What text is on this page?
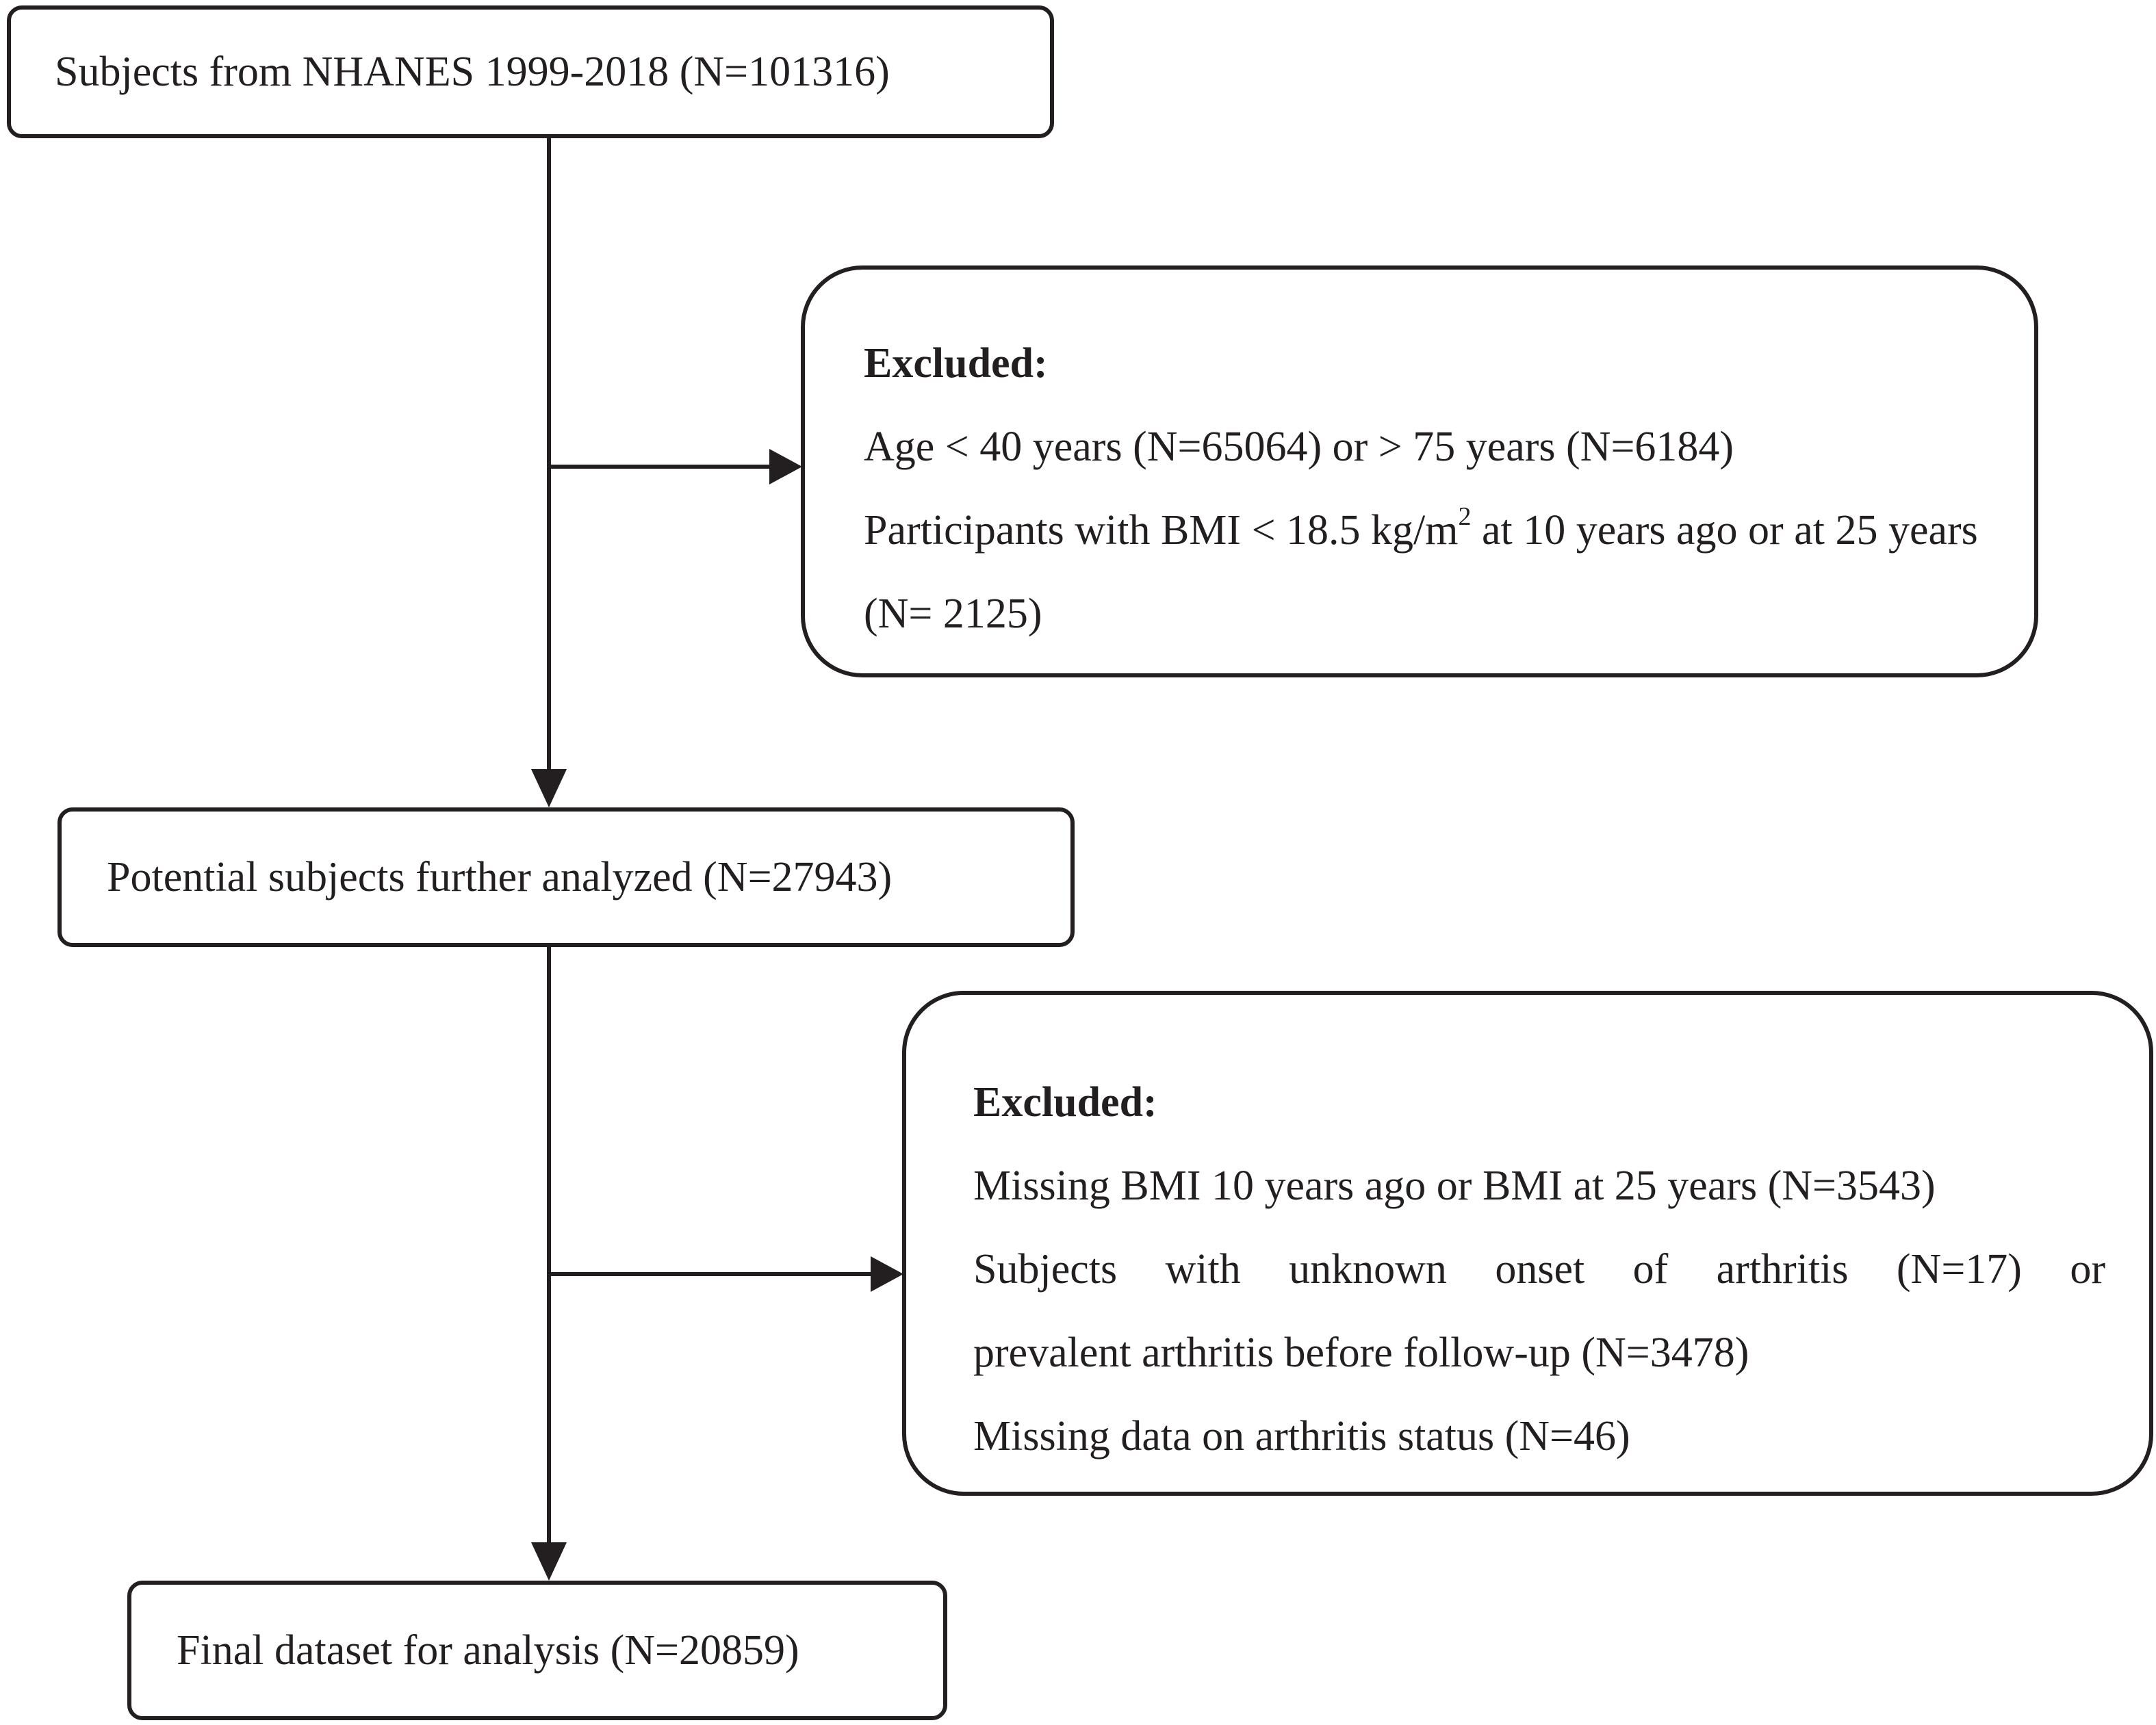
Subjects from NHANES 1999-2018 (N=101316)
Excluded:
Age < 40 years (N=65064) or > 75 years (N=6184)
Participants with BMI < 18.5 $kg/m^2$ at 10 years ago or at 25 years (N= 2125)
Potential subjects further analyzed (N=27943)
Excluded:
Missing BMI 10 years ago or BMI at 25 years (N=3543)
Subjects with unknown onset of arthritis (N=17) or
prevalent arthritis before follow-up (N=3478)
Missing data on arthritis status (N=46)
Final dataset for analysis (N=20859)
